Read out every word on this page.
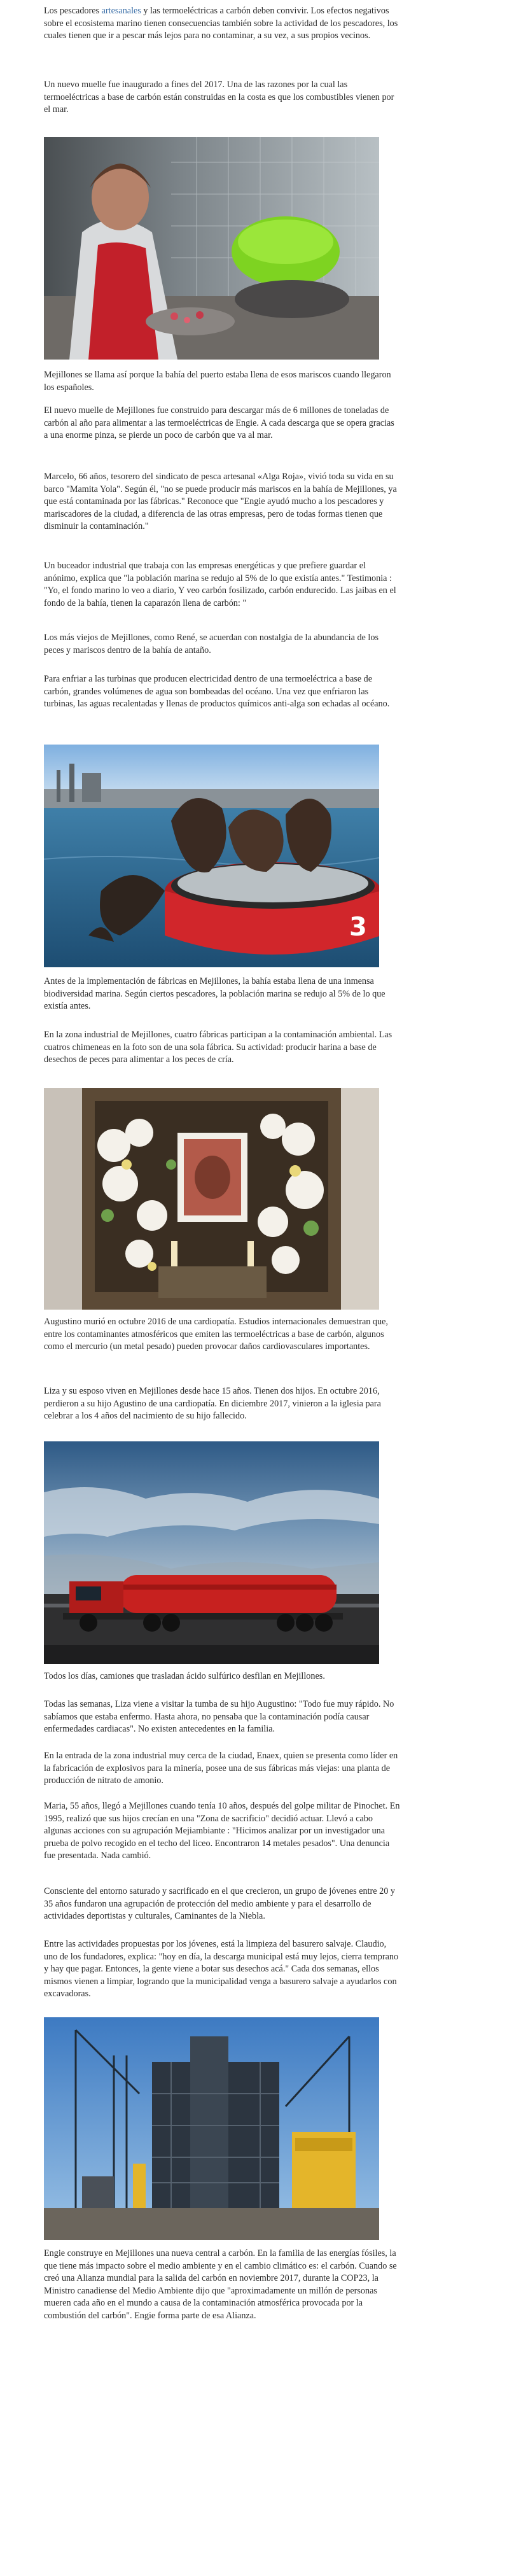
Los pescadores artesanales y las termoeléctricas a carbón deben convivir. Los efectos negativos sobre el ecosistema marino tienen consecuencias también sobre la actividad de los pescadores, los cuales tienen que ir a pescar más lejos para no contaminar, a su vez, a sus propios vecinos.

Un nuevo muelle fue inaugurado a fines del 2017. Una de las razones por la cual las termoeléctricas a base de carbón están construidas en la costa es que los combustibles vienen por el mar.

Mejillones se llama así porque la bahía del puerto estaba llena de esos mariscos cuando llegaron los españoles.

El nuevo muelle de Mejillones fue construido para descargar más de 6 millones de toneladas de carbón al año para alimentar a las termoeléctricas de Engie. A cada descarga que se opera gracias a una enorme pinza, se pierde un poco de carbón que va al mar.

Marcelo, 66 años, tesorero del sindicato de pesca artesanal «Alga Roja», vivió toda su vida en su barco "Mamita Yola". Según él, "no se puede producir más mariscos en la bahía de Mejillones, ya que está contaminada por las fábricas." Reconoce que "Engie ayudó mucho a los pescadores y mariscadores de la ciudad, a diferencia de las otras empresas, pero de todas formas tienen que disminuir la contaminación."

Un buceador industrial que trabaja con las empresas energéticas y que prefiere guardar el anónimo, explica que "la población marina se redujo al 5% de lo que existía antes." Testimonia : "Yo, el fondo marino lo veo a diario, Y veo carbón fosilizado, carbón endurecido. Las jaibas en el fondo de la bahía, tienen la caparazón llena de carbón: "

Los más viejos de Mejillones, como René, se acuerdan con nostalgia de la abundancia de los peces y mariscos dentro de la bahía de antaño.

Para enfriar a las turbinas que producen electricidad dentro de una termoeléctrica a base de carbón, grandes volúmenes de agua son bombeadas del océano. Una vez que enfriaron las turbinas, las aguas recalentadas y llenas de productos químicos anti-alga son echadas al océano.

3

Antes de la implementación de fábricas en Mejillones, la bahía estaba llena de una inmensa biodiversidad marina. Según ciertos pescadores, la población marina se redujo al 5% de lo que existía antes.

En la zona industrial de Mejillones, cuatro fábricas participan a la contaminación ambiental. Las cuatros chimeneas en la foto son de una sola fábrica. Su actividad: producir harina a base de desechos de peces para alimentar a los peces de cría.

Augustino murió en octubre 2016 de una cardiopatía. Estudios internacionales demuestran que, entre los contaminantes atmosféricos que emiten las termoeléctricas a base de carbón, algunos como el mercurio (un metal pesado) pueden provocar daños cardiovasculares importantes.

Liza y su esposo viven en Mejillones desde hace 15 años. Tienen dos hijos. En octubre 2016, perdieron a su hijo Agustino de una cardiopatía. En diciembre 2017, vinieron a la iglesia para celebrar a los 4 años del nacimiento de su hijo fallecido.

Todos los días, camiones que trasladan ácido sulfúrico desfilan en Mejillones.

Todas las semanas, Liza viene a visitar la tumba de su hijo Augustino: "Todo fue muy rápido. No sabíamos que estaba enfermo. Hasta ahora, no pensaba que la contaminación podía causar enfermedades cardiacas". No existen antecedentes en la familia.

En la entrada de la zona industrial muy cerca de la ciudad, Enaex, quien se presenta como líder en la fabricación de explosivos para la minería, posee una de sus fábricas más viejas: una planta de producción de nitrato de amonio.

Maria, 55 años, llegó a Mejillones cuando tenía 10 años, después del golpe militar de Pinochet. En 1995, realizó que sus hijos crecían en una "Zona de sacrificio" decidió actuar. Llevó a cabo algunas acciones con su agrupación Mejiambiante : "Hicimos analizar por un investigador una prueba de polvo recogido en el techo del liceo. Encontraron 14 metales pesados". Una denuncia fue presentada. Nada cambió.

Consciente del entorno saturado y sacrificado en el que crecieron, un grupo de jóvenes entre 20 y 35 años fundaron una agrupación de protección del medio ambiente y para el desarrollo de actividades deportistas y culturales, Caminantes de la Niebla.

Entre las actividades propuestas por los jóvenes, está la limpieza del basurero salvaje. Claudio, uno de los fundadores, explica: "hoy en día, la descarga municipal está muy lejos, cierra temprano y hay que pagar. Entonces, la gente viene a botar sus desechos acá." Cada dos semanas, ellos mismos vienen a limpiar, logrando que la municipalidad venga a basurero salvaje a ayudarlos con excavadoras.

Engie construye en Mejillones una nueva central a carbón. En la familia de las energías fósiles, la que tiene más impacto sobre el medio ambiente y en el cambio climático es: el carbón. Cuando se creó una Alianza mundial para la salida del carbón en noviembre 2017, durante la COP23, la Ministro canadiense del Medio Ambiente dijo que "aproximadamente un millón de personas mueren cada año en el mundo a causa de la contaminación atmosférica provocada por la combustión del carbón". Engie forma parte de esa Alianza.
